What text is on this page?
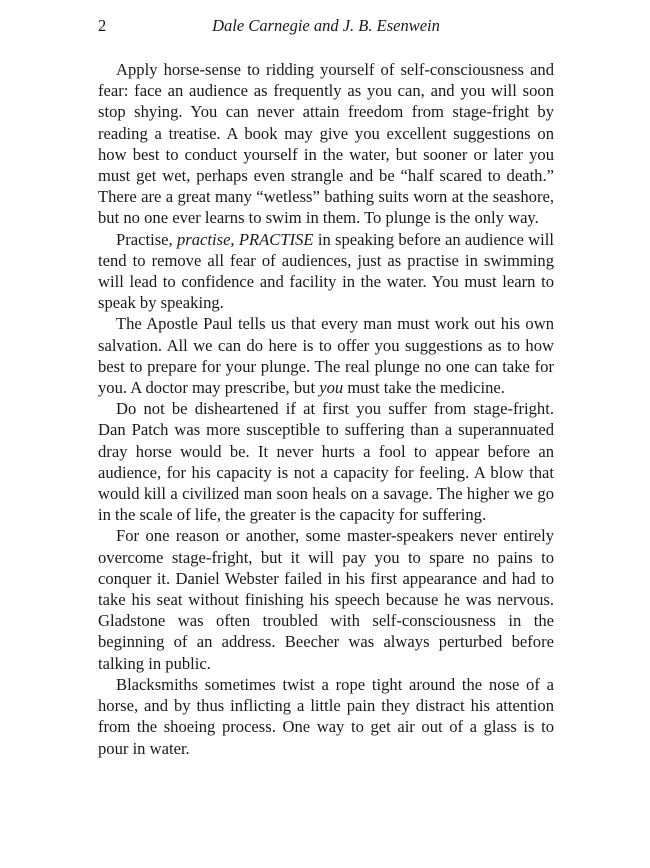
2	Dale Carnegie and J. B. Esenwein

Apply horse-sense to ridding yourself of self-consciousness and fear: face an audience as frequently as you can, and you will soon stop shying. You can never attain freedom from stage-fright by reading a treatise. A book may give you excellent suggestions on how best to conduct yourself in the water, but sooner or later you must get wet, perhaps even strangle and be “half scared to death.” There are a great many “wetless” bathing suits worn at the seashore, but no one ever learns to swim in them. To plunge is the only way.

Practise, practise, PRACTISE in speaking before an audience will tend to remove all fear of audiences, just as practise in swimming will lead to confidence and facility in the water. You must learn to speak by speaking.

The Apostle Paul tells us that every man must work out his own salvation. All we can do here is to offer you suggestions as to how best to prepare for your plunge. The real plunge no one can take for you. A doctor may prescribe, but you must take the medicine.

Do not be disheartened if at first you suffer from stage-fright. Dan Patch was more susceptible to suffering than a superannuated dray horse would be. It never hurts a fool to appear before an audience, for his capacity is not a capacity for feeling. A blow that would kill a civilized man soon heals on a savage. The higher we go in the scale of life, the greater is the capacity for suffering.

For one reason or another, some master-speakers never entirely overcome stage-fright, but it will pay you to spare no pains to conquer it. Daniel Webster failed in his first appearance and had to take his seat without finishing his speech because he was nervous. Gladstone was often troubled with self-consciousness in the beginning of an address. Beecher was always perturbed before talking in public.

Blacksmiths sometimes twist a rope tight around the nose of a horse, and by thus inflicting a little pain they distract his attention from the shoeing process. One way to get air out of a glass is to pour in water.
